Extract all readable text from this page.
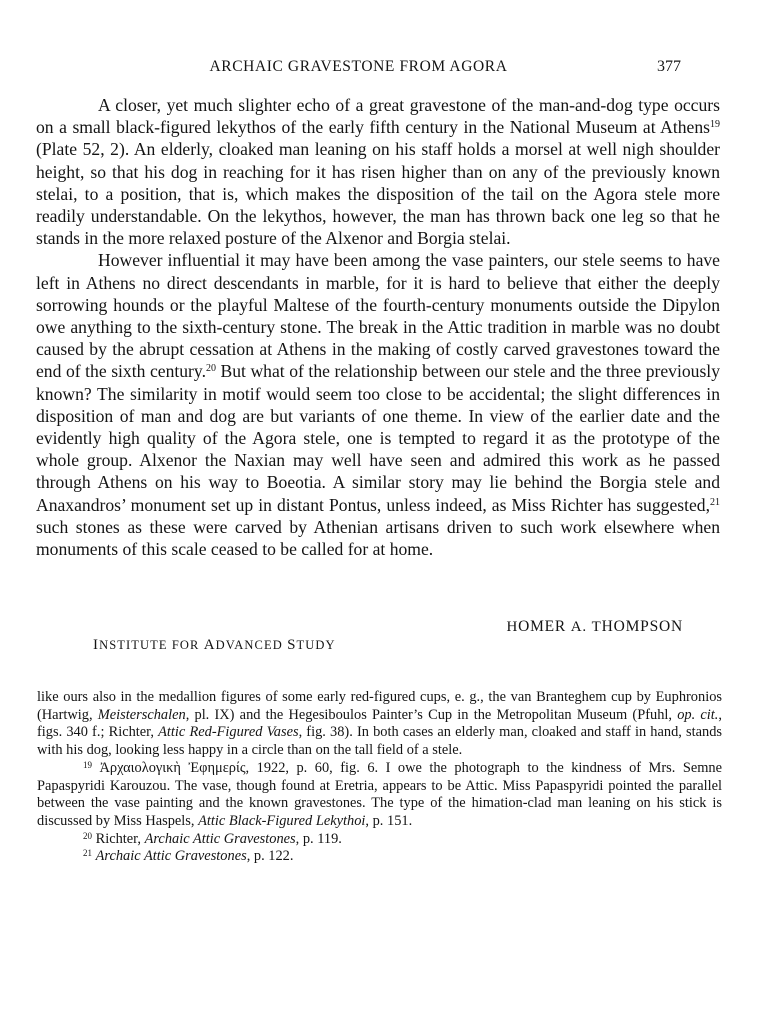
ARCHAIC GRAVESTONE FROM AGORA	377

A closer, yet much slighter echo of a great gravestone of the man-and-dog type occurs on a small black-figured lekythos of the early fifth century in the National Museum at Athens$^{19}$ (Plate 52, 2). An elderly, cloaked man leaning on his staff holds a morsel at well nigh shoulder height, so that his dog in reaching for it has risen higher than on any of the previously known stelai, to a position, that is, which makes the disposition of the tail on the Agora stele more readily understandable. On the lekythos, however, the man has thrown back one leg so that he stands in the more relaxed posture of the Alxenor and Borgia stelai.

However influential it may have been among the vase painters, our stele seems to have left in Athens no direct descendants in marble, for it is hard to believe that either the deeply sorrowing hounds or the playful Maltese of the fourth-century monuments outside the Dipylon owe anything to the sixth-century stone. The break in the Attic tradition in marble was no doubt caused by the abrupt cessation at Athens in the making of costly carved gravestones toward the end of the sixth century.$^{20}$ But what of the relationship between our stele and the three previously known? The similarity in motif would seem too close to be accidental; the slight differences in disposition of man and dog are but variants of one theme. In view of the earlier date and the evidently high quality of the Agora stele, one is tempted to regard it as the prototype of the whole group. Alxenor the Naxian may well have seen and admired this work as he passed through Athens on his way to Boeotia. A similar story may lie behind the Borgia stele and Anaxandros’ monument set up in distant Pontus, unless indeed, as Miss Richter has suggested,$^{21}$ such stones as these were carved by Athenian artisans driven to such work elsewhere when monuments of this scale ceased to be called for at home.

HOMER A. THOMPSON
INSTITUTE FOR ADVANCED STUDY

like ours also in the medallion figures of some early red-figured cups, e. g., the van Branteghem cup by Euphronios (Hartwig, Meisterschalen, pl. IX) and the Hegesiboulos Painter’s Cup in the Metropolitan Museum (Pfuhl, op. cit., figs. 340 f.; Richter, Attic Red-Figured Vases, fig. 38). In both cases an elderly man, cloaked and staff in hand, stands with his dog, looking less happy in a circle than on the tall field of a stele.

$^{19}$ Ἀρχαιολογικὴ Ἐφημερίς, 1922, p. 60, fig. 6. I owe the photograph to the kindness of Mrs. Semne Papaspyridi Karouzou. The vase, though found at Eretria, appears to be Attic. Miss Papaspyridi pointed the parallel between the vase painting and the known gravestones. The type of the himation-clad man leaning on his stick is discussed by Miss Haspels, Attic Black-Figured Lekythoi, p. 151.

$^{20}$ Richter, Archaic Attic Gravestones, p. 119.

$^{21}$ Archaic Attic Gravestones, p. 122.
